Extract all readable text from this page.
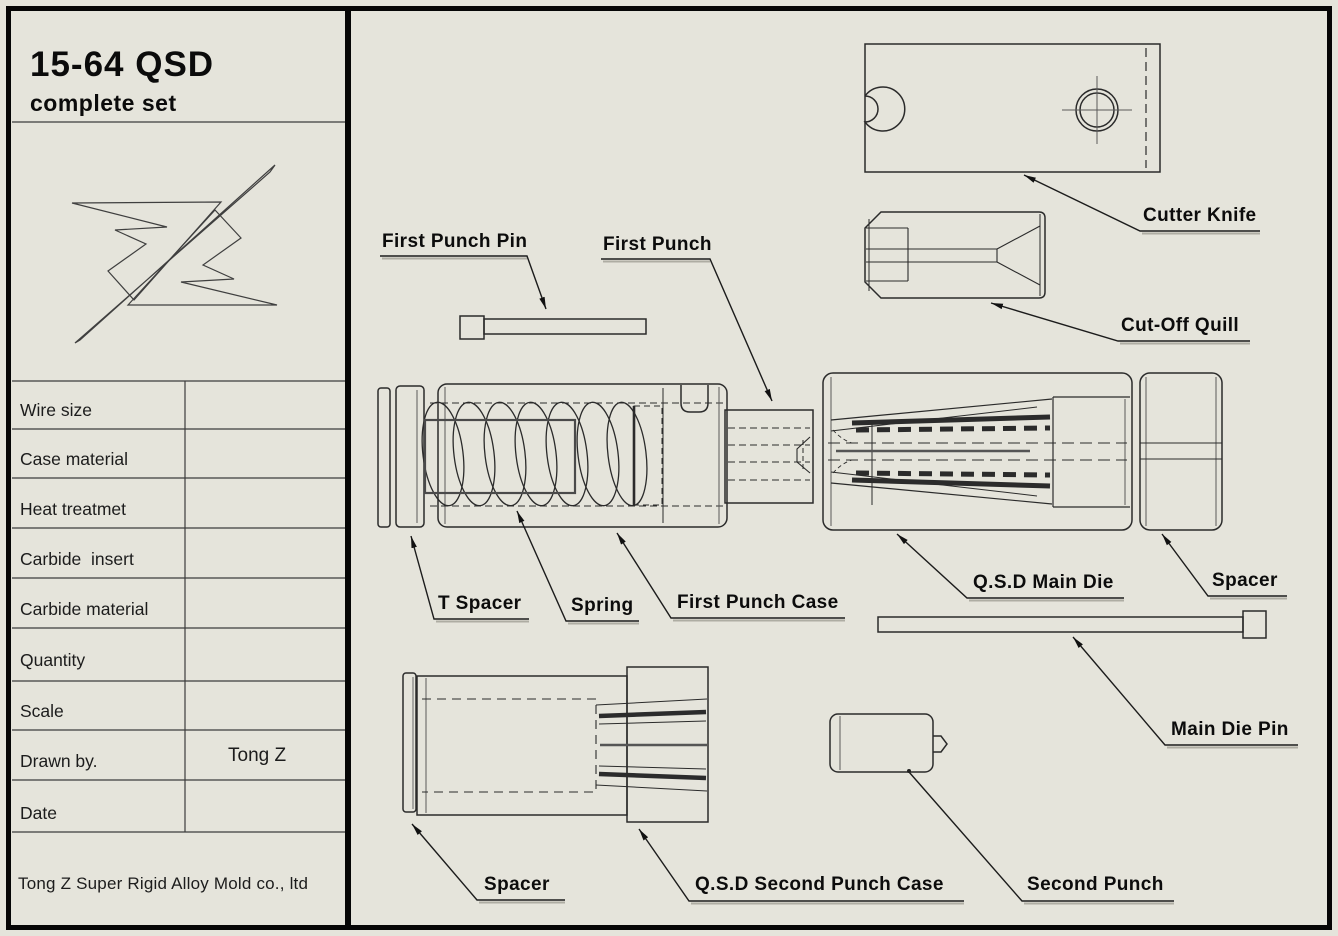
15-64 QSD
complete set
Wire size
Case material
Heat treatmet
Carbide  insert
Carbide material
Quantity
Scale
Drawn by.	Tong Z
Date
Tong Z Super Rigid Alloy Mold co., ltd
First Punch Pin	First Punch
Cutter Knife
Cut-Off Quill
T Spacer	Spring First Punch Case
Q.S.D Main Die	Spacer
Main Die Pin
Spacer	Q.S.D Second Punch Case	Second Punch
